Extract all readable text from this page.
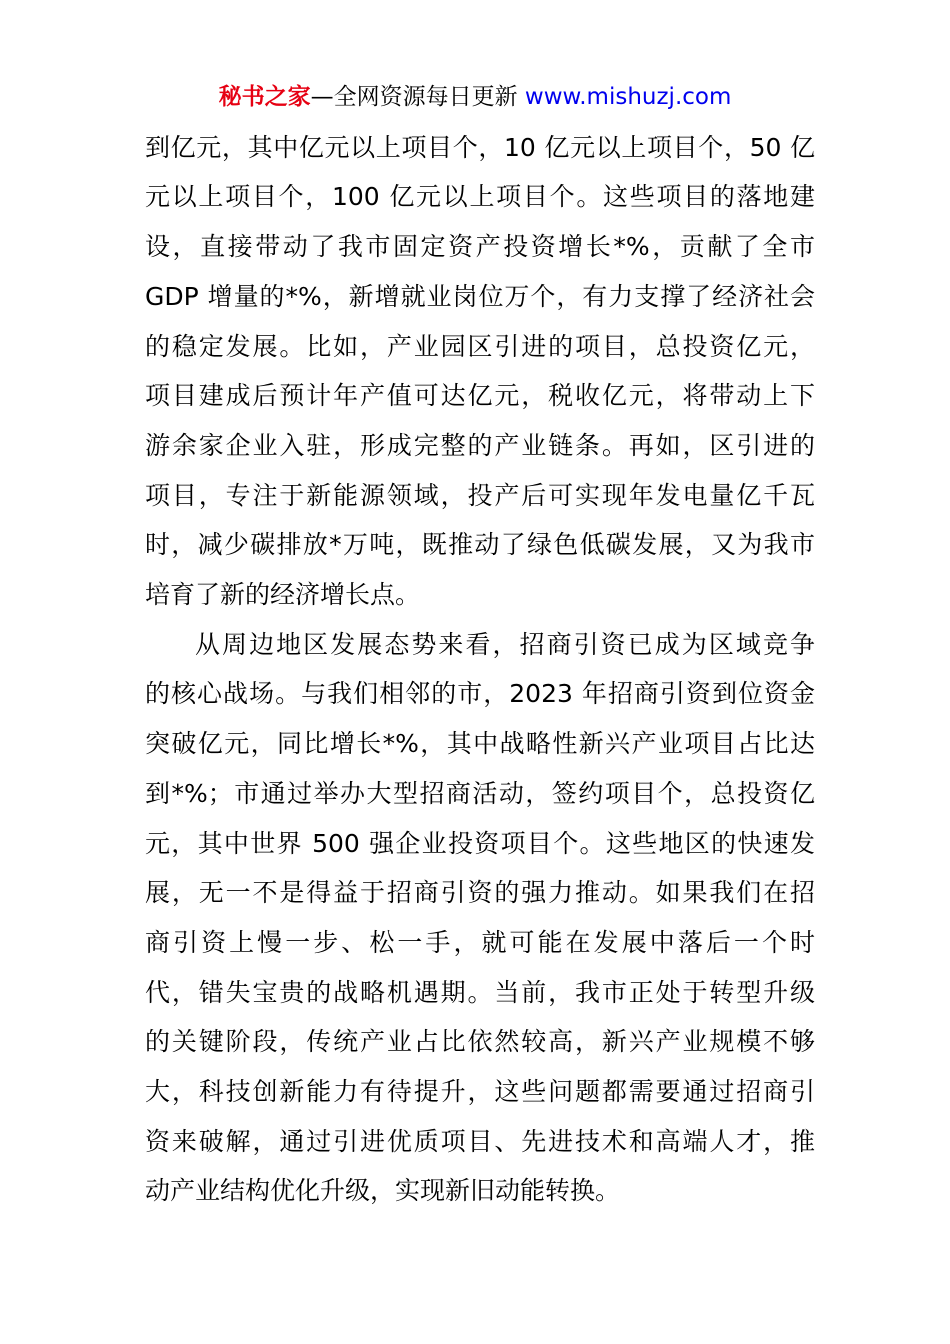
秘书之家—全网资源每日更新 www.mishuzj.com
到亿元，其中亿元以上项目个，10 亿元以上项目个，50 亿
元以上项目个，100 亿元以上项目个。这些项目的落地建
设，直接带动了我市固定资产投资增长*%，贡献了全市
GDP 增量的*%，新增就业岗位万个，有力支撑了经济社会
的稳定发展。比如，产业园区引进的项目，总投资亿元，
项目建成后预计年产值可达亿元，税收亿元，将带动上下
游余家企业入驻，形成完整的产业链条。再如，区引进的
项目，专注于新能源领域，投产后可实现年发电量亿千瓦
时，减少碳排放*万吨，既推动了绿色低碳发展，又为我市
培育了新的经济增长点。
从周边地区发展态势来看，招商引资已成为区域竞争
的核心战场。与我们相邻的市，2023 年招商引资到位资金
突破亿元，同比增长*%，其中战略性新兴产业项目占比达
到*%；市通过举办大型招商活动，签约项目个，总投资亿
元，其中世界 500 强企业投资项目个。这些地区的快速发
展，无一不是得益于招商引资的强力推动。如果我们在招
商引资上慢一步、松一手，就可能在发展中落后一个时
代，错失宝贵的战略机遇期。当前，我市正处于转型升级
的关键阶段，传统产业占比依然较高，新兴产业规模不够
大，科技创新能力有待提升，这些问题都需要通过招商引
资来破解，通过引进优质项目、先进技术和高端人才，推
动产业结构优化升级，实现新旧动能转换。
